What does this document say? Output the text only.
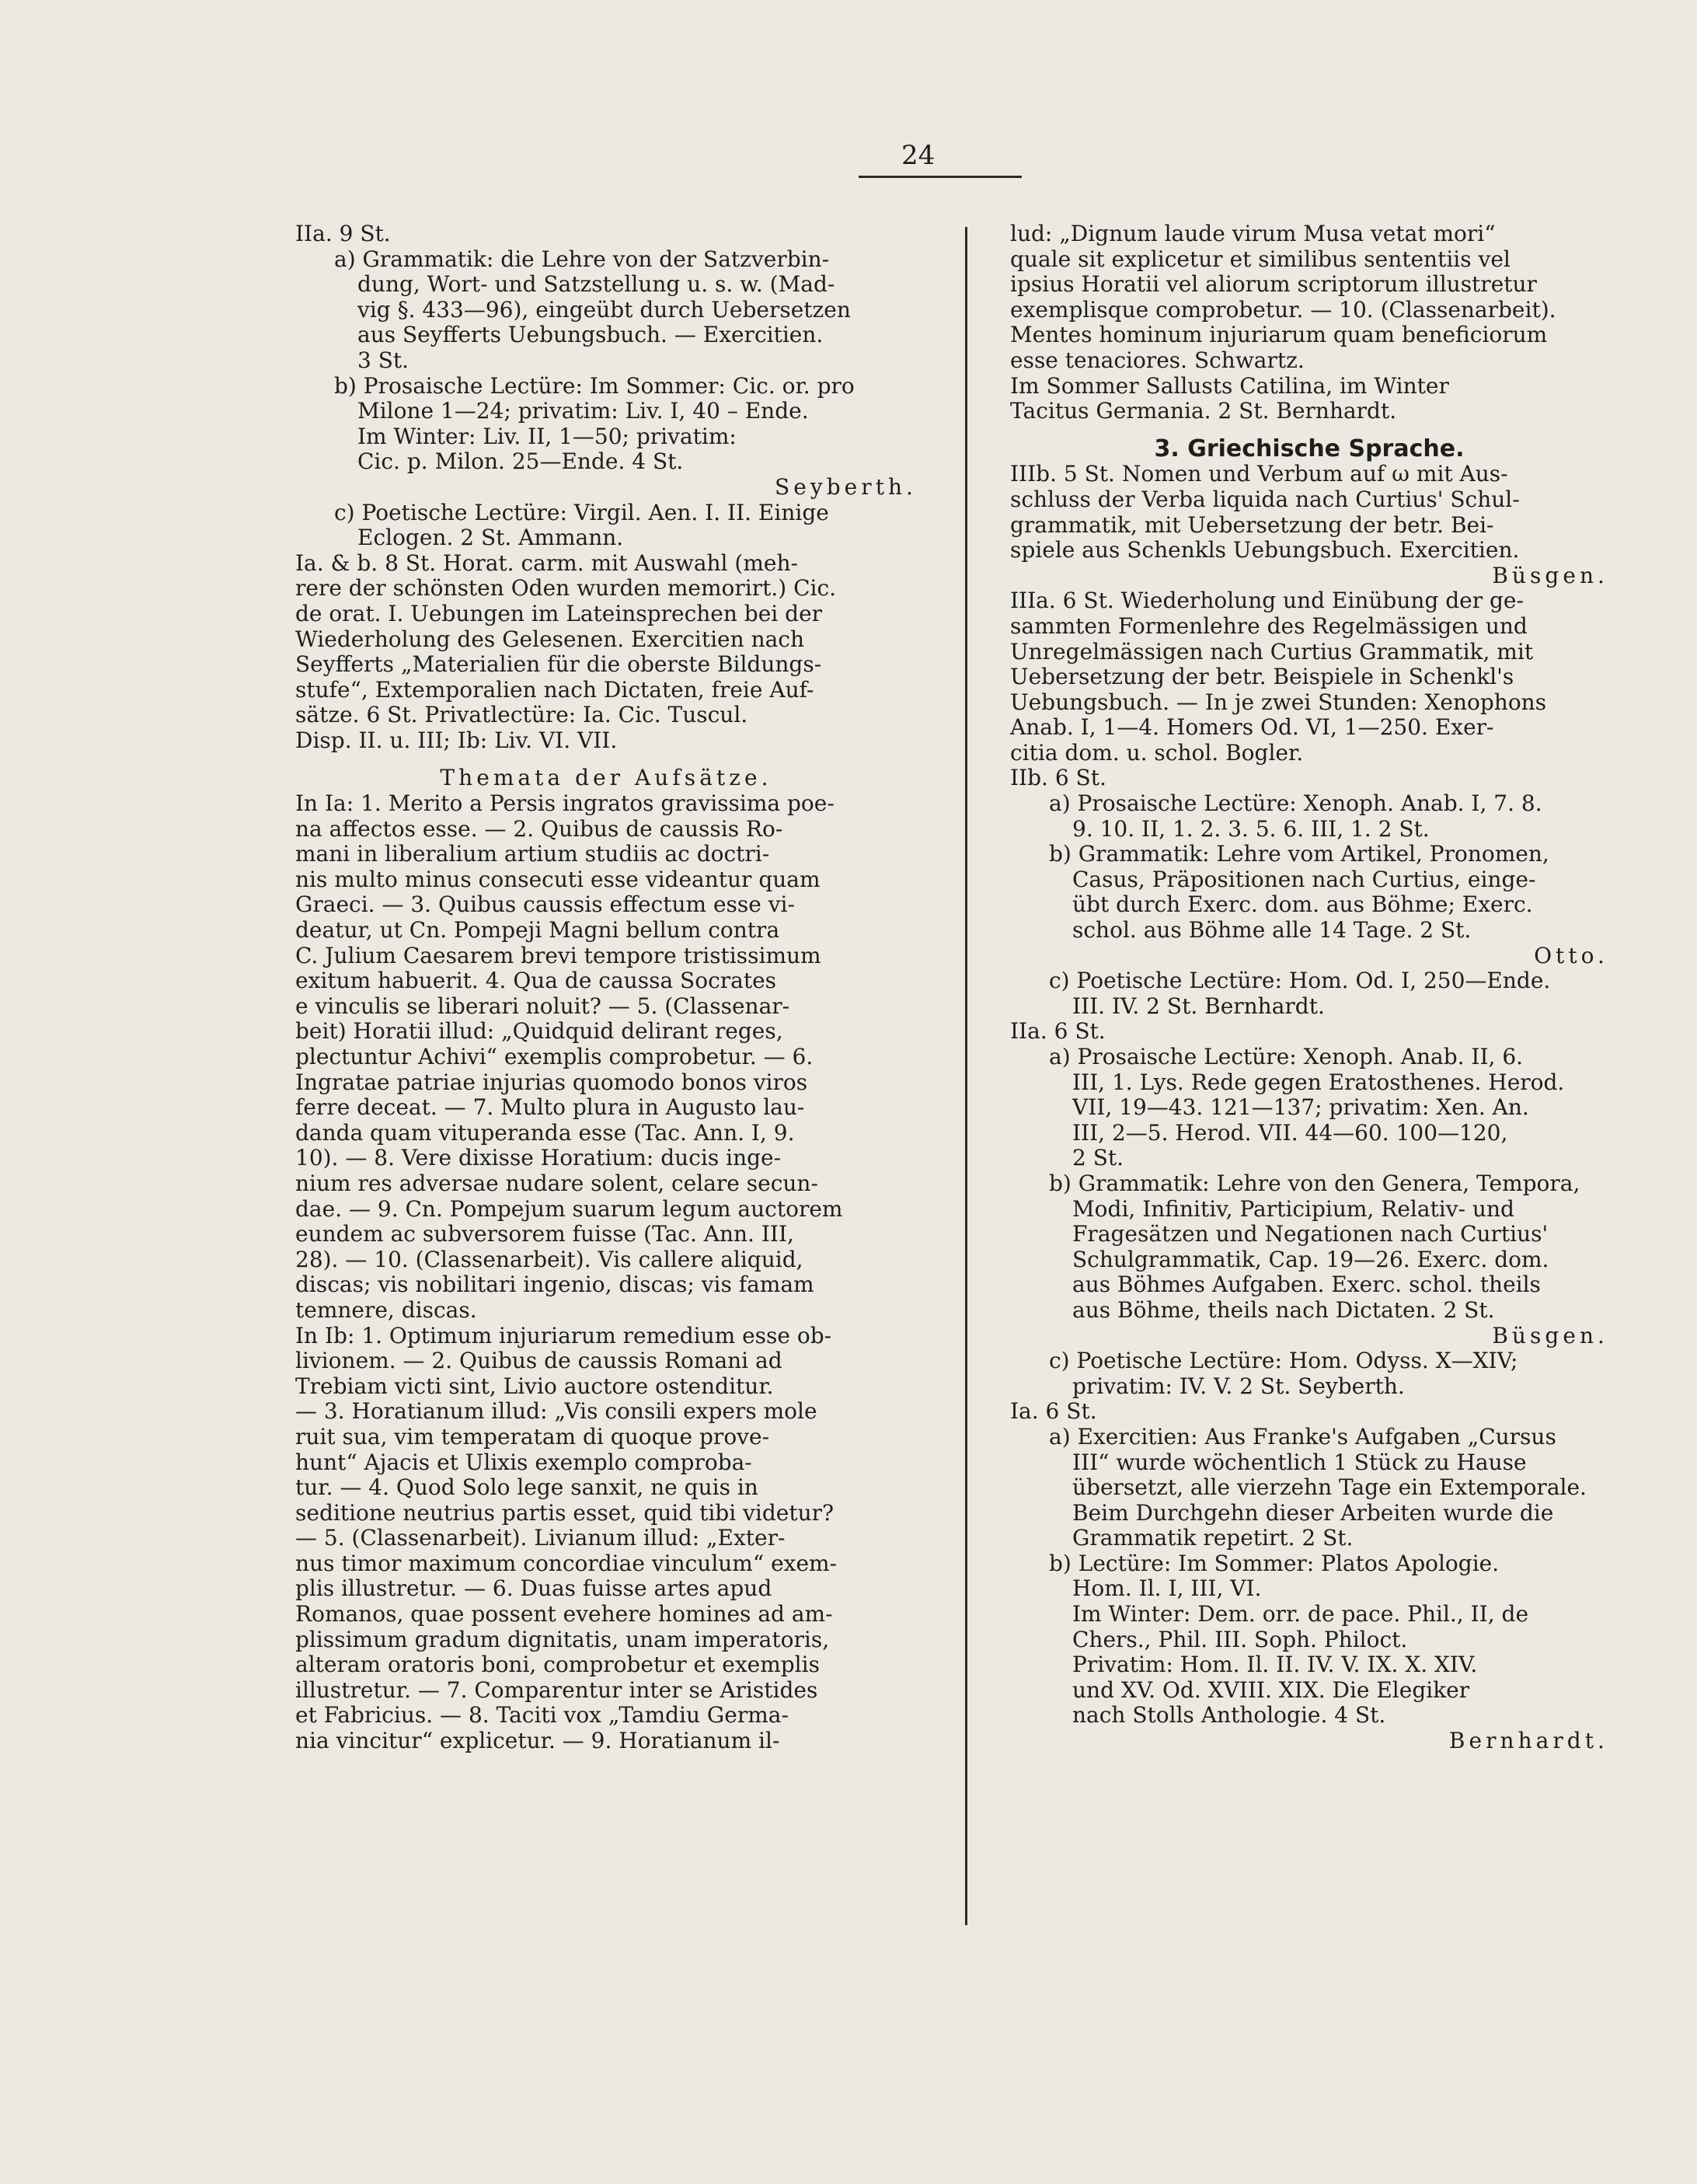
24

IIa. 9 St.

a) Grammatik: die Lehre von der Satzverbin-

dung, Wort- und Satzstellung u. s. w. (Mad-

vig §. 433—96), eingeübt durch Uebersetzen

aus Seyfferts Uebungsbuch. — Exercitien.

3 St.

b) Prosaische Lectüre: Im Sommer: Cic. or. pro

Milone 1—24; privatim: Liv. I, 40 – Ende.

Im Winter: Liv. II, 1—50; privatim:

Cic. p. Milon. 25—Ende. 4 St.

Seyberth.

c) Poetische Lectüre: Virgil. Aen. I. II. Einige

Eclogen. 2 St. Ammann.

Ia. & b. 8 St. Horat. carm. mit Auswahl (meh-

rere der schönsten Oden wurden memorirt.) Cic.

de orat. I. Uebungen im Lateinsprechen bei der

Wiederholung des Gelesenen. Exercitien nach

Seyfferts „Materialien für die oberste Bildungs-

stufe“, Extemporalien nach Dictaten, freie Auf-

sätze. 6 St. Privatlectüre: Ia. Cic. Tuscul.

Disp. II. u. III; Ib: Liv. VI. VII.

Themata der Aufsätze.

In Ia: 1. Merito a Persis ingratos gravissima poe-

na affectos esse. — 2. Quibus de caussis Ro-

mani in liberalium artium studiis ac doctri-

nis multo minus consecuti esse videantur quam

Graeci. — 3. Quibus caussis effectum esse vi-

deatur, ut Cn. Pompeji Magni bellum contra

C. Julium Caesarem brevi tempore tristissimum

exitum habuerit. 4. Qua de caussa Socrates

e vinculis se liberari noluit? — 5. (Classenar-

beit) Horatii illud: „Quidquid delirant reges,

plectuntur Achivi“ exemplis comprobetur. — 6.

Ingratae patriae injurias quomodo bonos viros

ferre deceat. — 7. Multo plura in Augusto lau-

danda quam vituperanda esse (Tac. Ann. I, 9.

10). — 8. Vere dixisse Horatium: ducis inge-

nium res adversae nudare solent, celare secun-

dae. — 9. Cn. Pompejum suarum legum auctorem

eundem ac subversorem fuisse (Tac. Ann. III,

28). — 10. (Classenarbeit). Vis callere aliquid,

discas; vis nobilitari ingenio, discas; vis famam

temnere, discas.

In Ib: 1. Optimum injuriarum remedium esse ob-

livionem. — 2. Quibus de caussis Romani ad

Trebiam victi sint, Livio auctore ostenditur.

— 3. Horatianum illud: „Vis consili expers mole

ruit sua, vim temperatam di quoque prove-

hunt“ Ajacis et Ulixis exemplo comproba-

tur. — 4. Quod Solo lege sanxit, ne quis in

seditione neutrius partis esset, quid tibi videtur?

— 5. (Classenarbeit). Livianum illud: „Exter-

nus timor maximum concordiae vinculum“ exem-

plis illustretur. — 6. Duas fuisse artes apud

Romanos, quae possent evehere homines ad am-

plissimum gradum dignitatis, unam imperatoris,

alteram oratoris boni, comprobetur et exemplis

illustretur. — 7. Comparentur inter se Aristides

et Fabricius. — 8. Taciti vox „Tamdiu Germa-

nia vincitur“ explicetur. — 9. Horatianum il-

lud: „Dignum laude virum Musa vetat mori“

quale sit explicetur et similibus sententiis vel

ipsius Horatii vel aliorum scriptorum illustretur

exemplisque comprobetur. — 10. (Classenarbeit).

Mentes hominum injuriarum quam beneficiorum

esse tenaciores. Schwartz.

Im Sommer Sallusts Catilina, im Winter

Tacitus Germania. 2 St. Bernhardt.

3. Griechische Sprache.

IIIb. 5 St. Nomen und Verbum auf ω mit Aus-

schluss der Verba liquida nach Curtius' Schul-

grammatik, mit Uebersetzung der betr. Bei-

spiele aus Schenkls Uebungsbuch. Exercitien.

Büsgen.

IIIa. 6 St. Wiederholung und Einübung der ge-

sammten Formenlehre des Regelmässigen und

Unregelmässigen nach Curtius Grammatik, mit

Uebersetzung der betr. Beispiele in Schenkl's

Uebungsbuch. — In je zwei Stunden: Xenophons

Anab. I, 1—4. Homers Od. VI, 1—250. Exer-

citia dom. u. schol. Bogler.

IIb. 6 St.

a) Prosaische Lectüre: Xenoph. Anab. I, 7. 8.

9. 10. II, 1. 2. 3. 5. 6. III, 1. 2 St.

b) Grammatik: Lehre vom Artikel, Pronomen,

Casus, Präpositionen nach Curtius, einge-

übt durch Exerc. dom. aus Böhme; Exerc.

schol. aus Böhme alle 14 Tage. 2 St.

Otto.

c) Poetische Lectüre: Hom. Od. I, 250—Ende.

III. IV. 2 St. Bernhardt.

IIa. 6 St.

a) Prosaische Lectüre: Xenoph. Anab. II, 6.

III, 1. Lys. Rede gegen Eratosthenes. Herod.

VII, 19—43. 121—137; privatim: Xen. An.

III, 2—5. Herod. VII. 44—60. 100—120,

2 St.

b) Grammatik: Lehre von den Genera, Tempora,

Modi, Infinitiv, Participium, Relativ- und

Fragesätzen und Negationen nach Curtius'

Schulgrammatik, Cap. 19—26. Exerc. dom.

aus Böhmes Aufgaben. Exerc. schol. theils

aus Böhme, theils nach Dictaten. 2 St.

Büsgen.

c) Poetische Lectüre: Hom. Odyss. X—XIV;

privatim: IV. V. 2 St. Seyberth.

Ia. 6 St.

a) Exercitien: Aus Franke's Aufgaben „Cursus

III“ wurde wöchentlich 1 Stück zu Hause

übersetzt, alle vierzehn Tage ein Extemporale.

Beim Durchgehn dieser Arbeiten wurde die

Grammatik repetirt. 2 St.

b) Lectüre: Im Sommer: Platos Apologie.

Hom. Il. I, III, VI.

Im Winter: Dem. orr. de pace. Phil., II, de

Chers., Phil. III. Soph. Philoct.

Privatim: Hom. Il. II. IV. V. IX. X. XIV.

und XV. Od. XVIII. XIX. Die Elegiker

nach Stolls Anthologie. 4 St.

Bernhardt.
